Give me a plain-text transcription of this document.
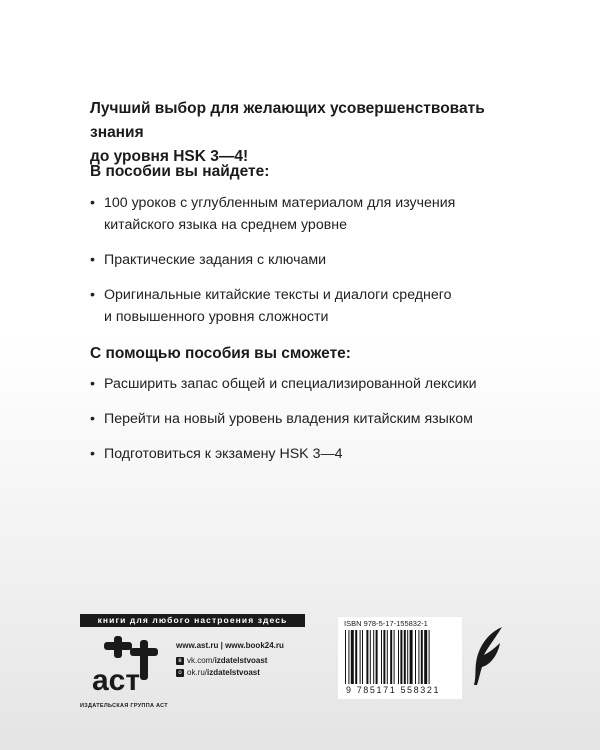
Лучший выбор для желающих усовершенствовать знания
до уровня HSK 3—4!
В пособии вы найдете:
• 100 уроков с углубленным материалом для изучения
китайского языка на среднем уровне
• Практические задания с ключами
• Оригинальные китайские тексты и диалоги среднего
и повышенного уровня сложности
С помощью пособия вы сможете:
• Расширить запас общей и специализированной лексики
• Перейти на новый уровень владения китайским языком
• Подготовиться к экзамену HSK 3—4
книги для любого настроения здесь
аст
ИЗДАТЕЛЬСКАЯ ГРУППА АСТ
www.ast.ru | www.book24.ru
в vk.com/izdatelstvoast
о ok.ru/izdatelstvoast
ISBN 978-5-17-155832-1
9 785171 558321
